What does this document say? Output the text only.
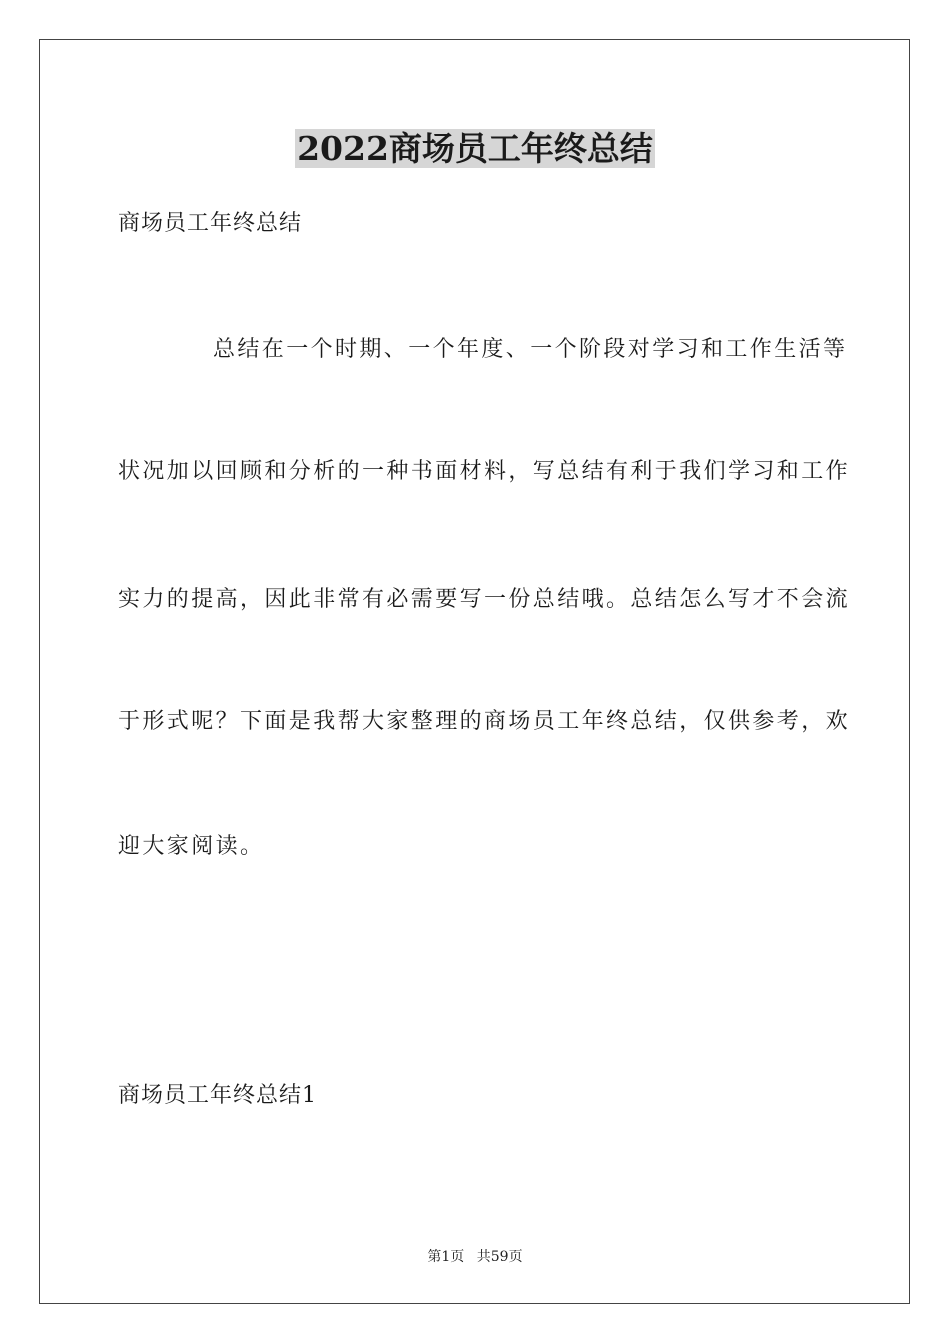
2022商场员工年终总结

商场员工年终总结

总结在一个时期、一个年度、一个阶段对学习和工作生活等

状况加以回顾和分析的一种书面材料，写总结有利于我们学习和工作

实力的提高，因此非常有必需要写一份总结哦。总结怎么写才不会流

于形式呢？下面是我帮大家整理的商场员工年终总结，仅供参考，欢

迎大家阅读。

商场员工年终总结1

第1页 共59页
